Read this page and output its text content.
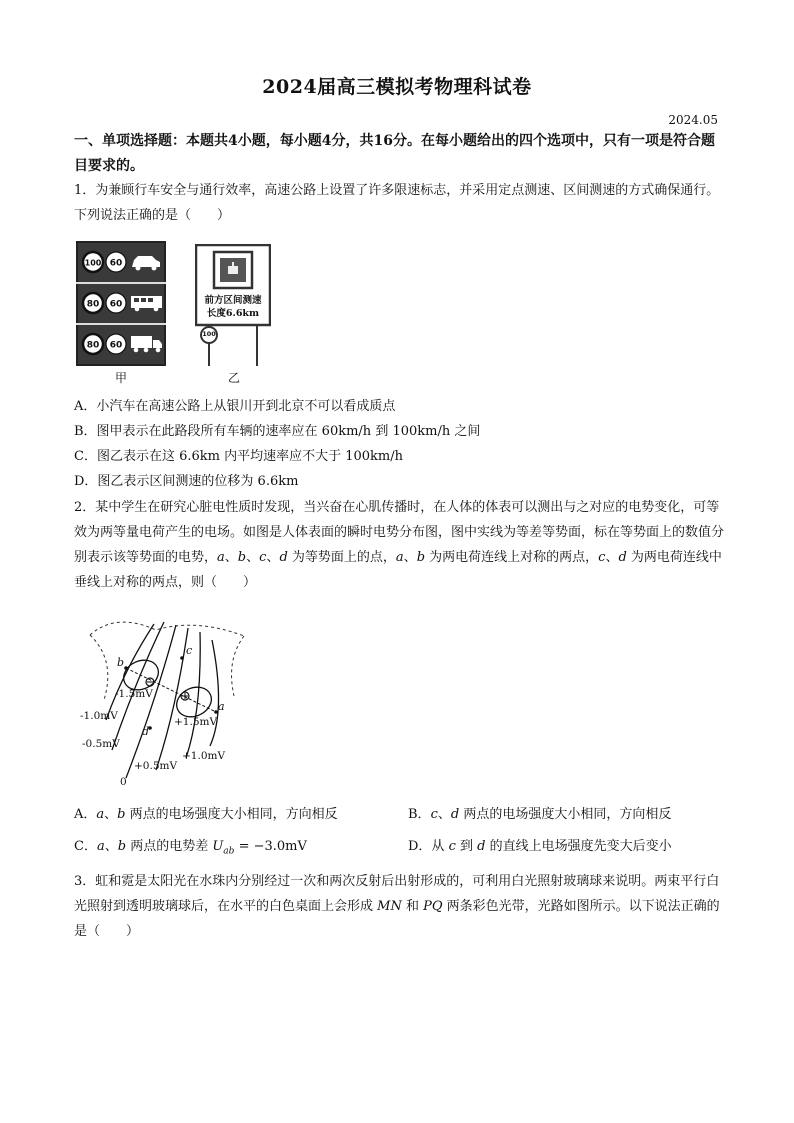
2024届高三模拟考物理科试卷
2024.05
一、单项选择题：本题共4小题，每小题4分，共16分。在每小题给出的四个选项中，只有一项是符合题目要求的。
1．为兼顾行车安全与通行效率，高速公路上设置了许多限速标志，并采用定点测速、区间测速的方式确保通行。下列说法正确的是（　　）
100 60
80 60
80 60
甲
前方区间测速
长度6.6km
100
乙
A．小汽车在高速公路上从银川开到北京不可以看成质点
B．图甲表示在此路段所有车辆的速率应在 60km/h 到 100km/h 之间
C．图乙表示在这 6.6km 内平均速率应不大于 100km/h
D．图乙表示区间测速的位移为 6.6km
2．某中学生在研究心脏电性质时发现，当兴奋在心肌传播时，在人体的体表可以测出与之对应的电势变化，可等效为两等量电荷产生的电场。如图是人体表面的瞬时电势分布图，图中实线为等差等势面，标在等势面上的数值分别表示该等势面的电势，a、b、c、d 为等势面上的点，a、b 为两电荷连线上对称的两点，c、d 为两电荷连线中垂线上对称的两点，则（　　）
b
a
c
d
-1.5mV
-1.0mV
-0.5mV
+1.5mV
+1.0mV
+0.5mV
0
A．a、b 两点的电场强度大小相同，方向相反	B．c、d 两点的电场强度大小相同，方向相反
C．a、b 两点的电势差 $U_{ab} = -3.0mV$	D．从 c 到 d 的直线上电场强度先变大后变小
3．虹和霓是太阳光在水珠内分别经过一次和两次反射后出射形成的，可利用白光照射玻璃球来说明。两束平行白光照射到透明玻璃球后，在水平的白色桌面上会形成 MN 和 PQ 两条彩色光带，光路如图所示。以下说法正确的是（　　）
